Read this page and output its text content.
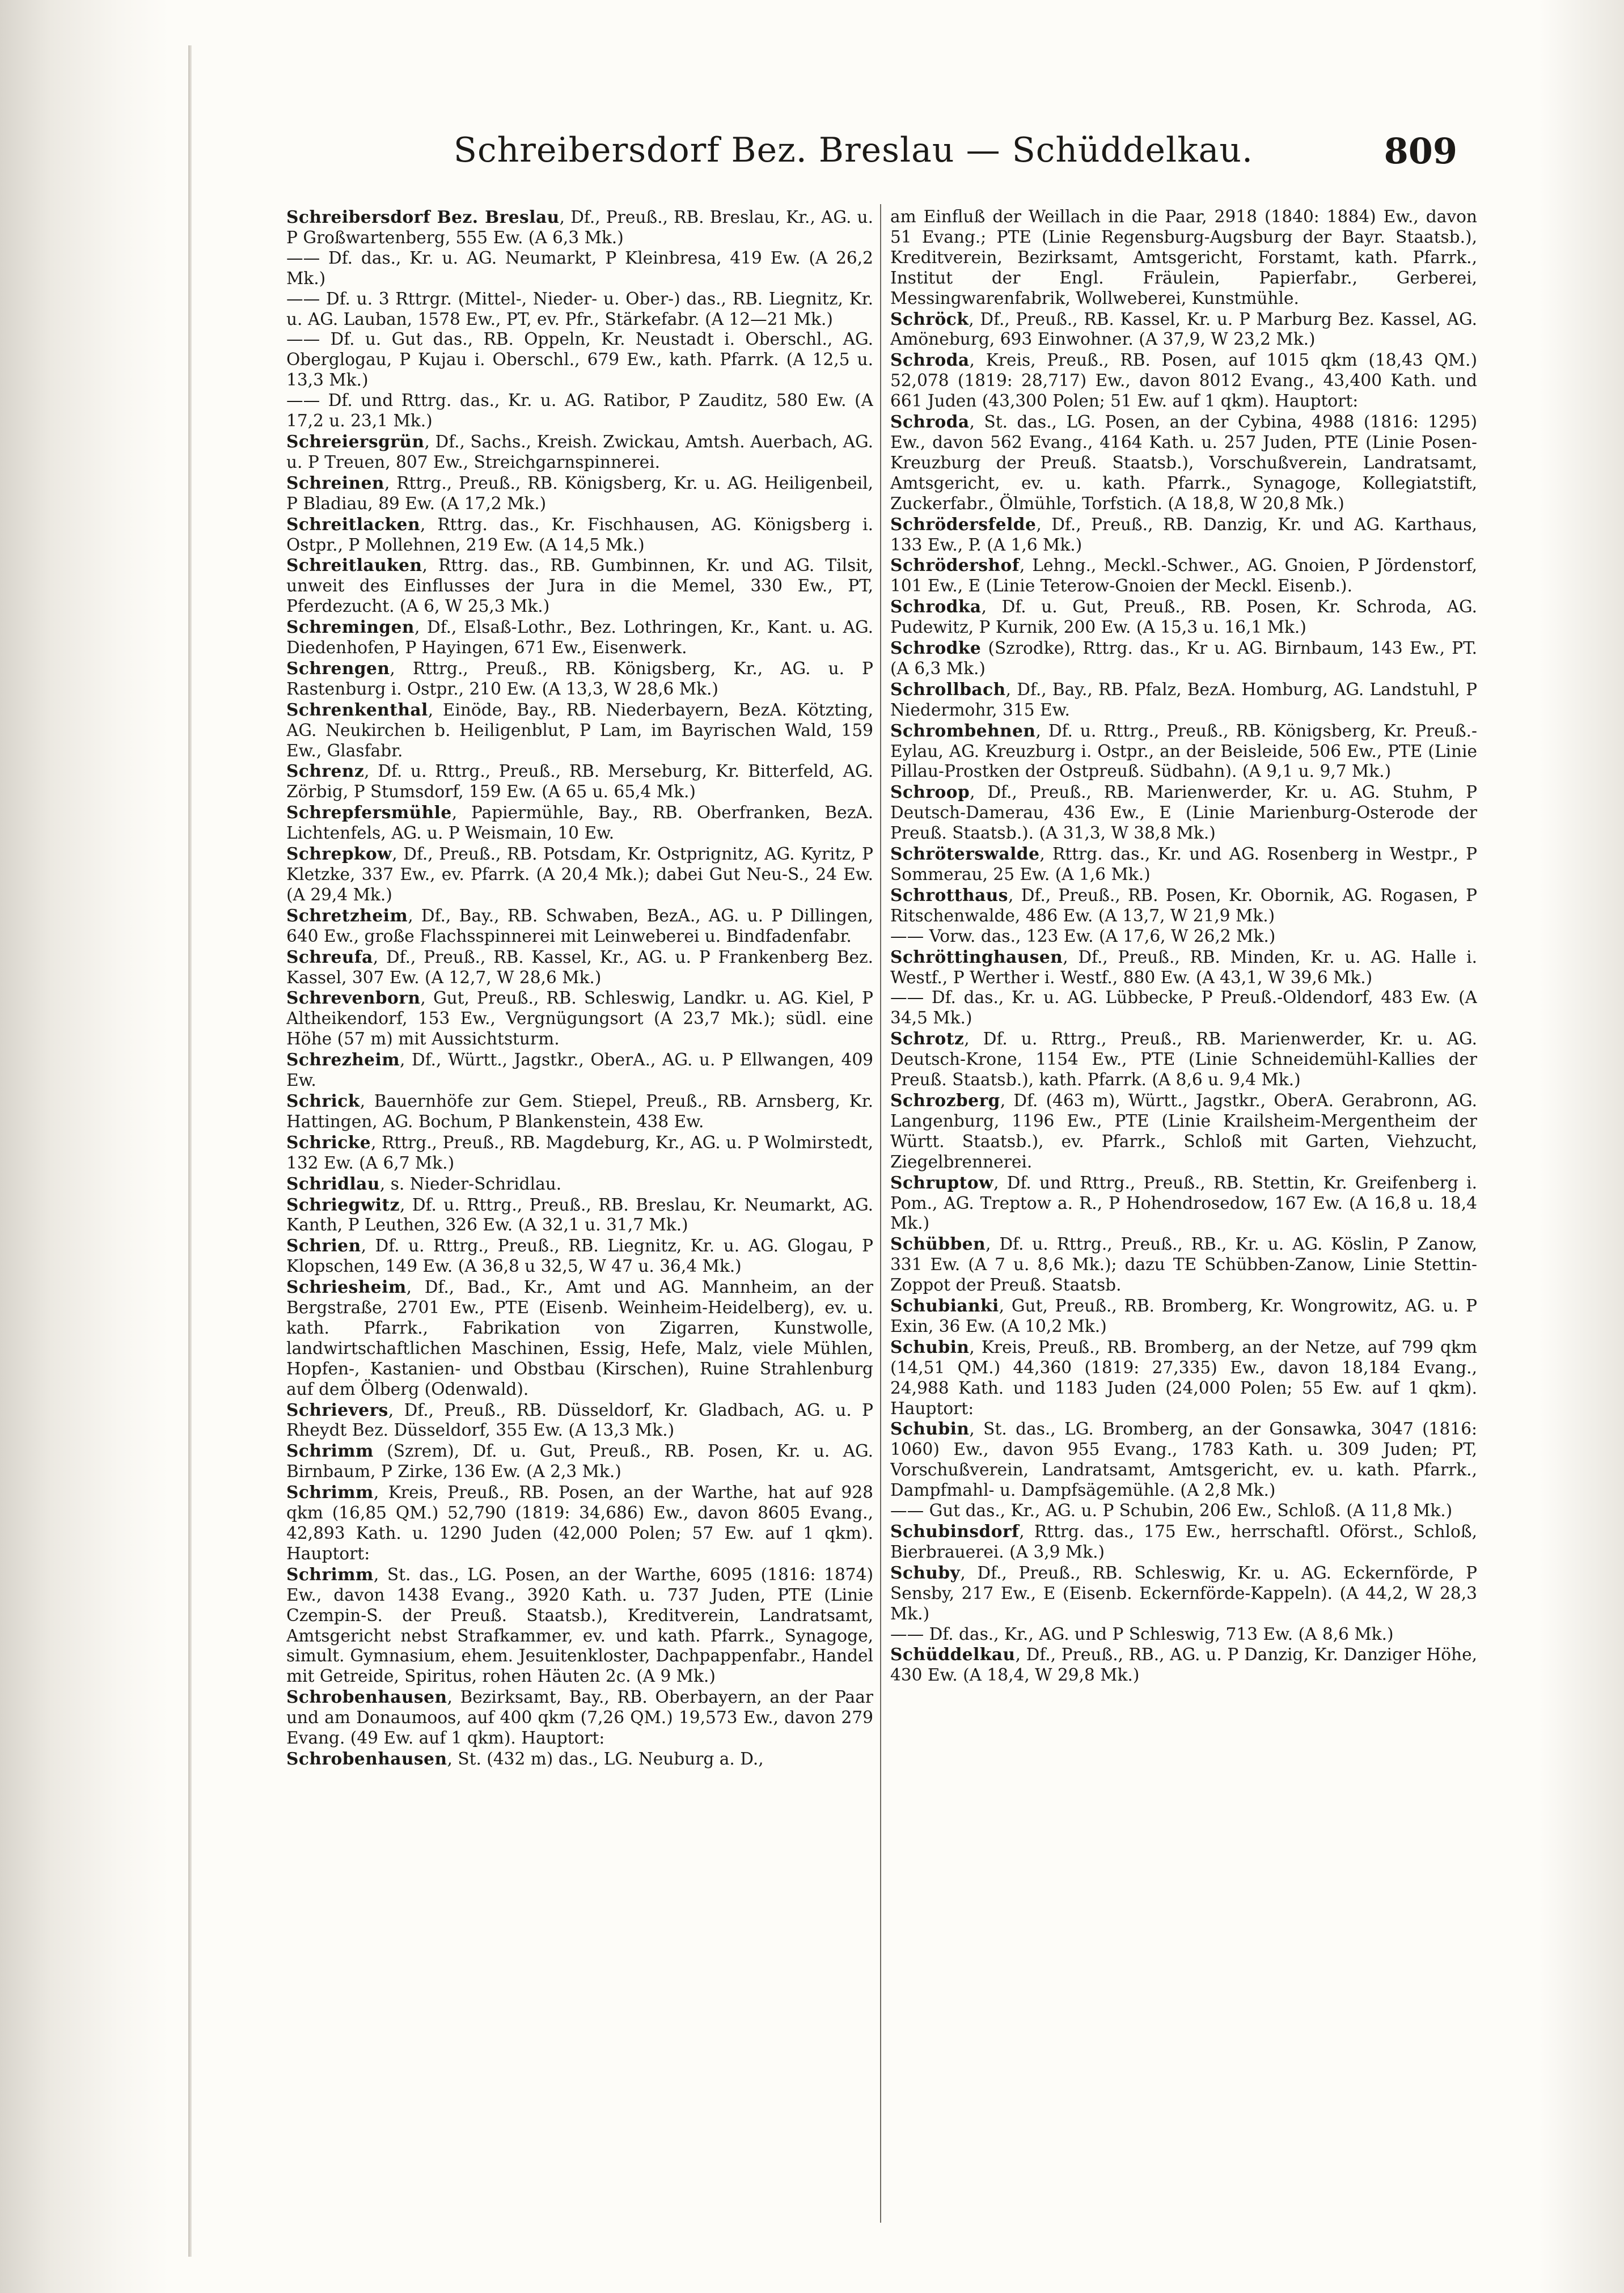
Schreibersdorf Bez. Breslau — Schüddelkau.	809

Schreibersdorf Bez. Breslau, Df., Preuß., RB. Breslau, Kr., AG. u. P Großwartenberg, 555 Ew. (A 6,3 Mk.)

—— Df. das., Kr. u. AG. Neumarkt, P Kleinbresa, 419 Ew. (A 26,2 Mk.)

—— Df. u. 3 Rttrgr. (Mittel-, Nieder- u. Ober-) das., RB. Liegnitz, Kr. u. AG. Lauban, 1578 Ew., PT, ev. Pfr., Stärkefabr. (A 12—21 Mk.)

—— Df. u. Gut das., RB. Oppeln, Kr. Neustadt i. Oberschl., AG. Oberglogau, P Kujau i. Oberschl., 679 Ew., kath. Pfarrk. (A 12,5 u. 13,3 Mk.)

—— Df. und Rttrg. das., Kr. u. AG. Ratibor, P Zauditz, 580 Ew. (A 17,2 u. 23,1 Mk.)

Schreiersgrün, Df., Sachs., Kreish. Zwickau, Amtsh. Auerbach, AG. u. P Treuen, 807 Ew., Streichgarnspinnerei.

Schreinen, Rttrg., Preuß., RB. Königsberg, Kr. u. AG. Heiligenbeil, P Bladiau, 89 Ew. (A 17,2 Mk.)

Schreitlacken, Rttrg. das., Kr. Fischhausen, AG. Königsberg i. Ostpr., P Mollehnen, 219 Ew. (A 14,5 Mk.)

Schreitlauken, Rttrg. das., RB. Gumbinnen, Kr. und AG. Tilsit, unweit des Einflusses der Jura in die Memel, 330 Ew., PT, Pferdezucht. (A 6, W 25,3 Mk.)

Schremingen, Df., Elsaß-Lothr., Bez. Lothringen, Kr., Kant. u. AG. Diedenhofen, P Hayingen, 671 Ew., Eisenwerk.

Schrengen, Rttrg., Preuß., RB. Königsberg, Kr., AG. u. P Rastenburg i. Ostpr., 210 Ew. (A 13,3, W 28,6 Mk.)

Schrenkenthal, Einöde, Bay., RB. Niederbayern, BezA. Kötzting, AG. Neukirchen b. Heiligenblut, P Lam, im Bayrischen Wald, 159 Ew., Glasfabr.

Schrenz, Df. u. Rttrg., Preuß., RB. Merseburg, Kr. Bitterfeld, AG. Zörbig, P Stumsdorf, 159 Ew. (A 65 u. 65,4 Mk.)

Schrepfersmühle, Papiermühle, Bay., RB. Oberfranken, BezA. Lichtenfels, AG. u. P Weismain, 10 Ew.

Schrepkow, Df., Preuß., RB. Potsdam, Kr. Ostprignitz, AG. Kyritz, P Kletzke, 337 Ew., ev. Pfarrk. (A 20,4 Mk.); dabei Gut Neu-S., 24 Ew. (A 29,4 Mk.)

Schretzheim, Df., Bay., RB. Schwaben, BezA., AG. u. P Dillingen, 640 Ew., große Flachsspinnerei mit Leinweberei u. Bindfadenfabr.

Schreufa, Df., Preuß., RB. Kassel, Kr., AG. u. P Frankenberg Bez. Kassel, 307 Ew. (A 12,7, W 28,6 Mk.)

Schrevenborn, Gut, Preuß., RB. Schleswig, Landkr. u. AG. Kiel, P Altheikendorf, 153 Ew., Vergnügungsort (A 23,7 Mk.); südl. eine Höhe (57 m) mit Aussichtsturm.

Schrezheim, Df., Württ., Jagstkr., OberA., AG. u. P Ellwangen, 409 Ew.

Schrick, Bauernhöfe zur Gem. Stiepel, Preuß., RB. Arnsberg, Kr. Hattingen, AG. Bochum, P Blankenstein, 438 Ew.

Schricke, Rttrg., Preuß., RB. Magdeburg, Kr., AG. u. P Wolmirstedt, 132 Ew. (A 6,7 Mk.)

Schridlau, s. Nieder-Schridlau.

Schriegwitz, Df. u. Rttrg., Preuß., RB. Breslau, Kr. Neumarkt, AG. Kanth, P Leuthen, 326 Ew. (A 32,1 u. 31,7 Mk.)

Schrien, Df. u. Rttrg., Preuß., RB. Liegnitz, Kr. u. AG. Glogau, P Klopschen, 149 Ew. (A 36,8 u 32,5, W 47 u. 36,4 Mk.)

Schriesheim, Df., Bad., Kr., Amt und AG. Mannheim, an der Bergstraße, 2701 Ew., PTE (Eisenb. Weinheim-Heidelberg), ev. u. kath. Pfarrk., Fabrikation von Zigarren, Kunstwolle, landwirtschaftlichen Maschinen, Essig, Hefe, Malz, viele Mühlen, Hopfen-, Kastanien- und Obstbau (Kirschen), Ruine Strahlenburg auf dem Ölberg (Odenwald).

Schrievers, Df., Preuß., RB. Düsseldorf, Kr. Gladbach, AG. u. P Rheydt Bez. Düsseldorf, 355 Ew. (A 13,3 Mk.)

Schrimm (Szrem), Df. u. Gut, Preuß., RB. Posen, Kr. u. AG. Birnbaum, P Zirke, 136 Ew. (A 2,3 Mk.)

Schrimm, Kreis, Preuß., RB. Posen, an der Warthe, hat auf 928 qkm (16,85 QM.) 52,790 (1819: 34,686) Ew., davon 8605 Evang., 42,893 Kath. u. 1290 Juden (42,000 Polen; 57 Ew. auf 1 qkm). Hauptort:

Schrimm, St. das., LG. Posen, an der Warthe, 6095 (1816: 1874) Ew., davon 1438 Evang., 3920 Kath. u. 737 Juden, PTE (Linie Czempin-S. der Preuß. Staatsb.), Kreditverein, Landratsamt, Amtsgericht nebst Strafkammer, ev. und kath. Pfarrk., Synagoge, simult. Gymnasium, ehem. Jesuitenkloster, Dachpappenfabr., Handel mit Getreide, Spiritus, rohen Häuten 2c. (A 9 Mk.)

Schrobenhausen, Bezirksamt, Bay., RB. Oberbayern, an der Paar und am Donaumoos, auf 400 qkm (7,26 QM.) 19,573 Ew., davon 279 Evang. (49 Ew. auf 1 qkm). Hauptort:

Schrobenhausen, St. (432 m) das., LG. Neuburg a. D.,

am Einfluß der Weillach in die Paar, 2918 (1840: 1884) Ew., davon 51 Evang.; PTE (Linie Regensburg-Augsburg der Bayr. Staatsb.), Kreditverein, Bezirksamt, Amtsgericht, Forstamt, kath. Pfarrk., Institut der Engl. Fräulein, Papierfabr., Gerberei, Messingwarenfabrik, Wollweberei, Kunstmühle.

Schröck, Df., Preuß., RB. Kassel, Kr. u. P Marburg Bez. Kassel, AG. Amöneburg, 693 Einwohner. (A 37,9, W 23,2 Mk.)

Schroda, Kreis, Preuß., RB. Posen, auf 1015 qkm (18,43 QM.) 52,078 (1819: 28,717) Ew., davon 8012 Evang., 43,400 Kath. und 661 Juden (43,300 Polen; 51 Ew. auf 1 qkm). Hauptort:

Schroda, St. das., LG. Posen, an der Cybina, 4988 (1816: 1295) Ew., davon 562 Evang., 4164 Kath. u. 257 Juden, PTE (Linie Posen-Kreuzburg der Preuß. Staatsb.), Vorschußverein, Landratsamt, Amtsgericht, ev. u. kath. Pfarrk., Synagoge, Kollegiatstift, Zuckerfabr., Ölmühle, Torfstich. (A 18,8, W 20,8 Mk.)

Schrödersfelde, Df., Preuß., RB. Danzig, Kr. und AG. Karthaus, 133 Ew., P. (A 1,6 Mk.)

Schrödershof, Lehng., Meckl.-Schwer., AG. Gnoien, P Jördenstorf, 101 Ew., E (Linie Teterow-Gnoien der Meckl. Eisenb.).

Schrodka, Df. u. Gut, Preuß., RB. Posen, Kr. Schroda, AG. Pudewitz, P Kurnik, 200 Ew. (A 15,3 u. 16,1 Mk.)

Schrodke (Szrodke), Rttrg. das., Kr u. AG. Birnbaum, 143 Ew., PT. (A 6,3 Mk.)

Schrollbach, Df., Bay., RB. Pfalz, BezA. Homburg, AG. Landstuhl, P Niedermohr, 315 Ew.

Schrombehnen, Df. u. Rttrg., Preuß., RB. Königsberg, Kr. Preuß.-Eylau, AG. Kreuzburg i. Ostpr., an der Beisleide, 506 Ew., PTE (Linie Pillau-Prostken der Ostpreuß. Südbahn). (A 9,1 u. 9,7 Mk.)

Schroop, Df., Preuß., RB. Marienwerder, Kr. u. AG. Stuhm, P Deutsch-Damerau, 436 Ew., E (Linie Marienburg-Osterode der Preuß. Staatsb.). (A 31,3, W 38,8 Mk.)

Schröterswalde, Rttrg. das., Kr. und AG. Rosenberg in Westpr., P Sommerau, 25 Ew. (A 1,6 Mk.)

Schrotthaus, Df., Preuß., RB. Posen, Kr. Obornik, AG. Rogasen, P Ritschenwalde, 486 Ew. (A 13,7, W 21,9 Mk.)

—— Vorw. das., 123 Ew. (A 17,6, W 26,2 Mk.)

Schröttinghausen, Df., Preuß., RB. Minden, Kr. u. AG. Halle i. Westf., P Werther i. Westf., 880 Ew. (A 43,1, W 39,6 Mk.)

—— Df. das., Kr. u. AG. Lübbecke, P Preuß.-Oldendorf, 483 Ew. (A 34,5 Mk.)

Schrotz, Df. u. Rttrg., Preuß., RB. Marienwerder, Kr. u. AG. Deutsch-Krone, 1154 Ew., PTE (Linie Schneidemühl-Kallies der Preuß. Staatsb.), kath. Pfarrk. (A 8,6 u. 9,4 Mk.)

Schrozberg, Df. (463 m), Württ., Jagstkr., OberA. Gerabronn, AG. Langenburg, 1196 Ew., PTE (Linie Krailsheim-Mergentheim der Württ. Staatsb.), ev. Pfarrk., Schloß mit Garten, Viehzucht, Ziegelbrennerei.

Schruptow, Df. und Rttrg., Preuß., RB. Stettin, Kr. Greifenberg i. Pom., AG. Treptow a. R., P Hohendrosedow, 167 Ew. (A 16,8 u. 18,4 Mk.)

Schübben, Df. u. Rttrg., Preuß., RB., Kr. u. AG. Köslin, P Zanow, 331 Ew. (A 7 u. 8,6 Mk.); dazu TE Schübben-Zanow, Linie Stettin-Zoppot der Preuß. Staatsb.

Schubianki, Gut, Preuß., RB. Bromberg, Kr. Wongrowitz, AG. u. P Exin, 36 Ew. (A 10,2 Mk.)

Schubin, Kreis, Preuß., RB. Bromberg, an der Netze, auf 799 qkm (14,51 QM.) 44,360 (1819: 27,335) Ew., davon 18,184 Evang., 24,988 Kath. und 1183 Juden (24,000 Polen; 55 Ew. auf 1 qkm). Hauptort:

Schubin, St. das., LG. Bromberg, an der Gonsawka, 3047 (1816: 1060) Ew., davon 955 Evang., 1783 Kath. u. 309 Juden; PT, Vorschußverein, Landratsamt, Amtsgericht, ev. u. kath. Pfarrk., Dampfmahl- u. Dampfsägemühle. (A 2,8 Mk.)

—— Gut das., Kr., AG. u. P Schubin, 206 Ew., Schloß. (A 11,8 Mk.)

Schubinsdorf, Rttrg. das., 175 Ew., herrschaftl. Oförst., Schloß, Bierbrauerei. (A 3,9 Mk.)

Schuby, Df., Preuß., RB. Schleswig, Kr. u. AG. Eckernförde, P Sensby, 217 Ew., E (Eisenb. Eckernförde-Kappeln). (A 44,2, W 28,3 Mk.)

—— Df. das., Kr., AG. und P Schleswig, 713 Ew. (A 8,6 Mk.)

Schüddelkau, Df., Preuß., RB., AG. u. P Danzig, Kr. Danziger Höhe, 430 Ew. (A 18,4, W 29,8 Mk.)
